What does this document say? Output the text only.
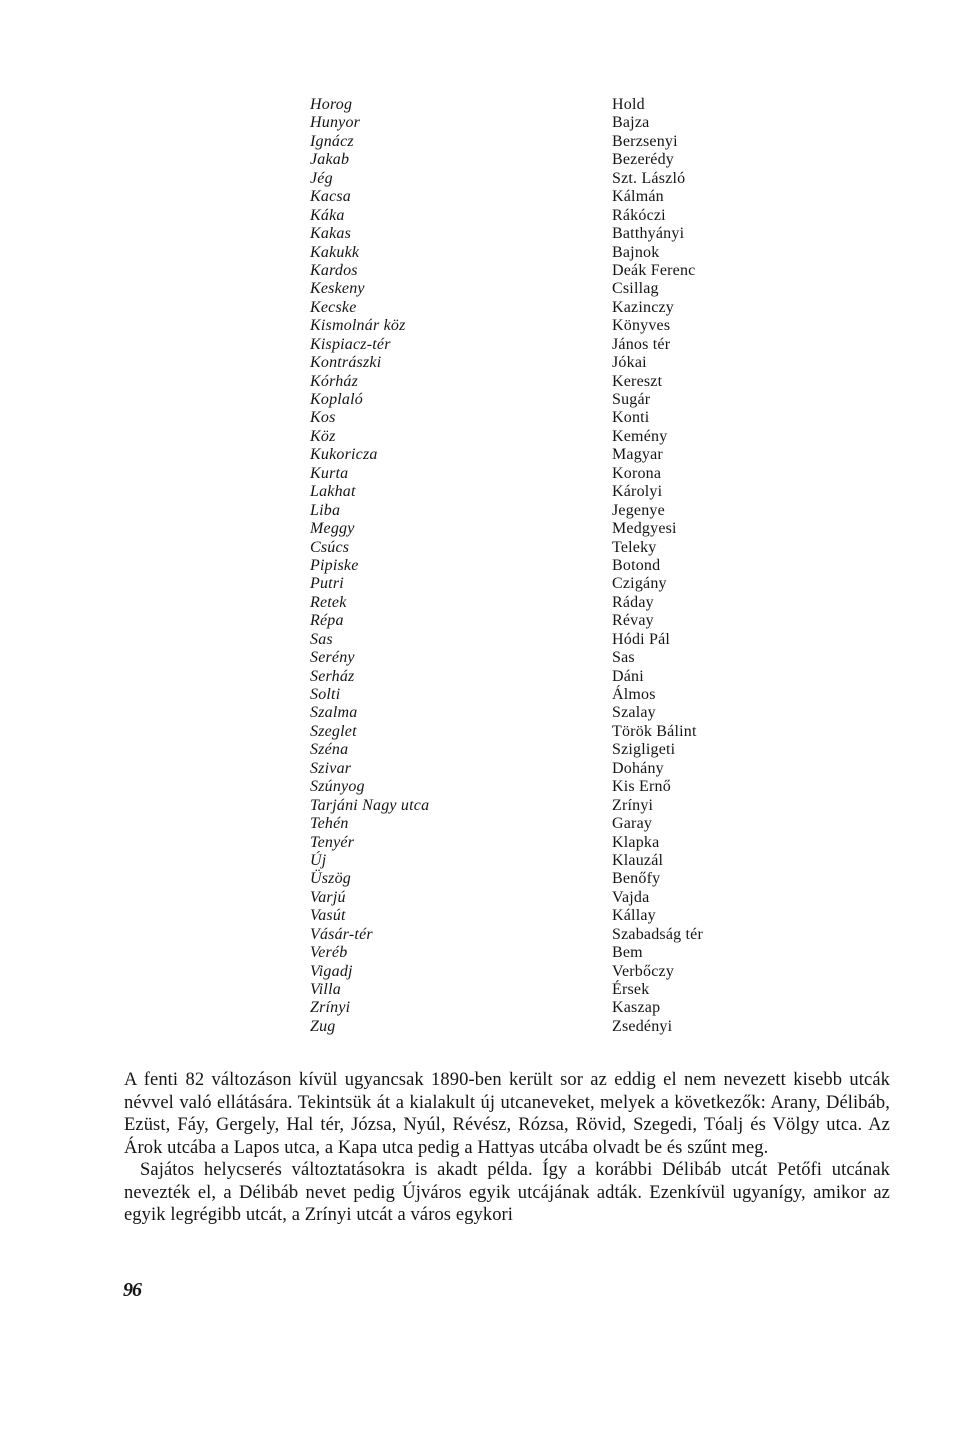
Horog
Hunyor
Ignácz
Jakab
Jég
Kacsa
Káka
Kakas
Kakukk
Kardos
Keskeny
Kecske
Kismolnár köz
Kispiacz-tér
Kontrászki
Kórház
Koplaló
Kos
Köz
Kukoricza
Kurta
Lakhat
Liba
Meggy
Csúcs
Pipiske
Putri
Retek
Répa
Sas
Serény
Serház
Solti
Szalma
Szeglet
Széna
Szivar
Szúnyog
Tarjáni Nagy utca
Tehén
Tenyér
Új
Üszög
Varjú
Vasút
Vásár-tér
Veréb
Vigadj
Villa
Zrínyi
Zug
Hold
Bajza
Berzsenyi
Bezerédy
Szt. László
Kálmán
Rákóczi
Batthyányi
Bajnok
Deák Ferenc
Csillag
Kazinczy
Könyves
János tér
Jókai
Kereszt
Sugár
Konti
Kemény
Magyar
Korona
Károlyi
Jegenye
Medgyesi
Teleky
Botond
Czigány
Ráday
Révay
Hódi Pál
Sas
Dáni
Álmos
Szalay
Török Bálint
Szigligeti
Dohány
Kis Ernő
Zrínyi
Garay
Klapka
Klauzál
Benőfy
Vajda
Kállay
Szabadság tér
Bem
Verbőczy
Érsek
Kaszap
Zsedényi

A fenti 82 változáson kívül ugyancsak 1890-ben került sor az eddig el nem nevezett kisebb utcák névvel való ellátására. Tekintsük át a kialakult új utcaneveket, melyek a következők: Arany, Délibáb, Ezüst, Fáy, Gergely, Hal tér, Józsa, Nyúl, Révész, Rózsa, Rövid, Szegedi, Tóalj és Völgy utca. Az Árok utcába a Lapos utca, a Kapa utca pedig a Hattyas utcába olvadt be és szűnt meg.

Sajátos helycserés változtatásokra is akadt példa. Így a korábbi Délibáb utcát Petőfi utcának nevezték el, a Délibáb nevet pedig Újváros egyik utcájának adták. Ezenkívül ugyanígy, amikor az egyik legrégibb utcát, a Zrínyi utcát a város egykori

96
